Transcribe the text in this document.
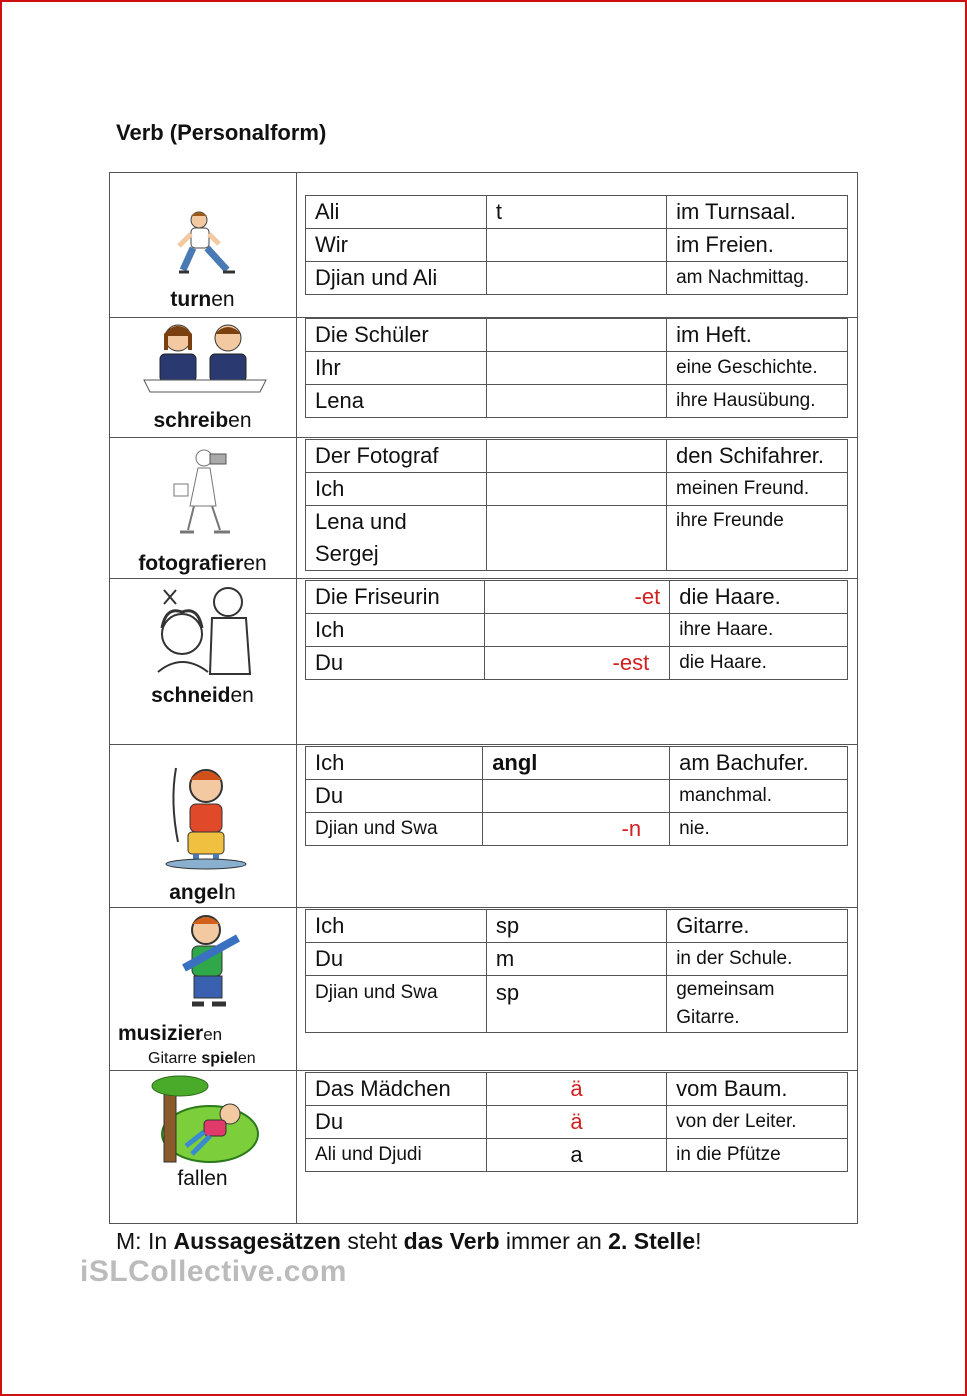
Verb (Personalform)
turnen
Ali	t	im Turnsaal.
Wir		im Freien.
Djian und Ali		am Nachmittag.
schreiben
Die Schüler		im Heft.
Ihr		eine Geschichte.
Lena		ihre Hausübung.
fotografieren
Der Fotograf		den Schifahrer.
Ich		meinen Freund.
Lena und		ihre Freunde
Sergej		
schneiden
Die Friseurin	-et	die Haare.
Ich		ihre Haare.
Du	-est	die Haare.
angeln
Ich	angl	am Bachufer.
Du		manchmal.
Djian und Swa	-n	nie.
musizieren
Gitarre spielen
Ich	sp	Gitarre.
Du	m	in der Schule.
Djian und Swa	sp	gemeinsam
		Gitarre.
fallen
Das Mädchen	ä	vom Baum.
Du	ä	von der Leiter.
Ali und Djudi	a	in die Pfütze
M: In Aussagesätzen steht das Verb immer an 2. Stelle!
iSLCollective.com
